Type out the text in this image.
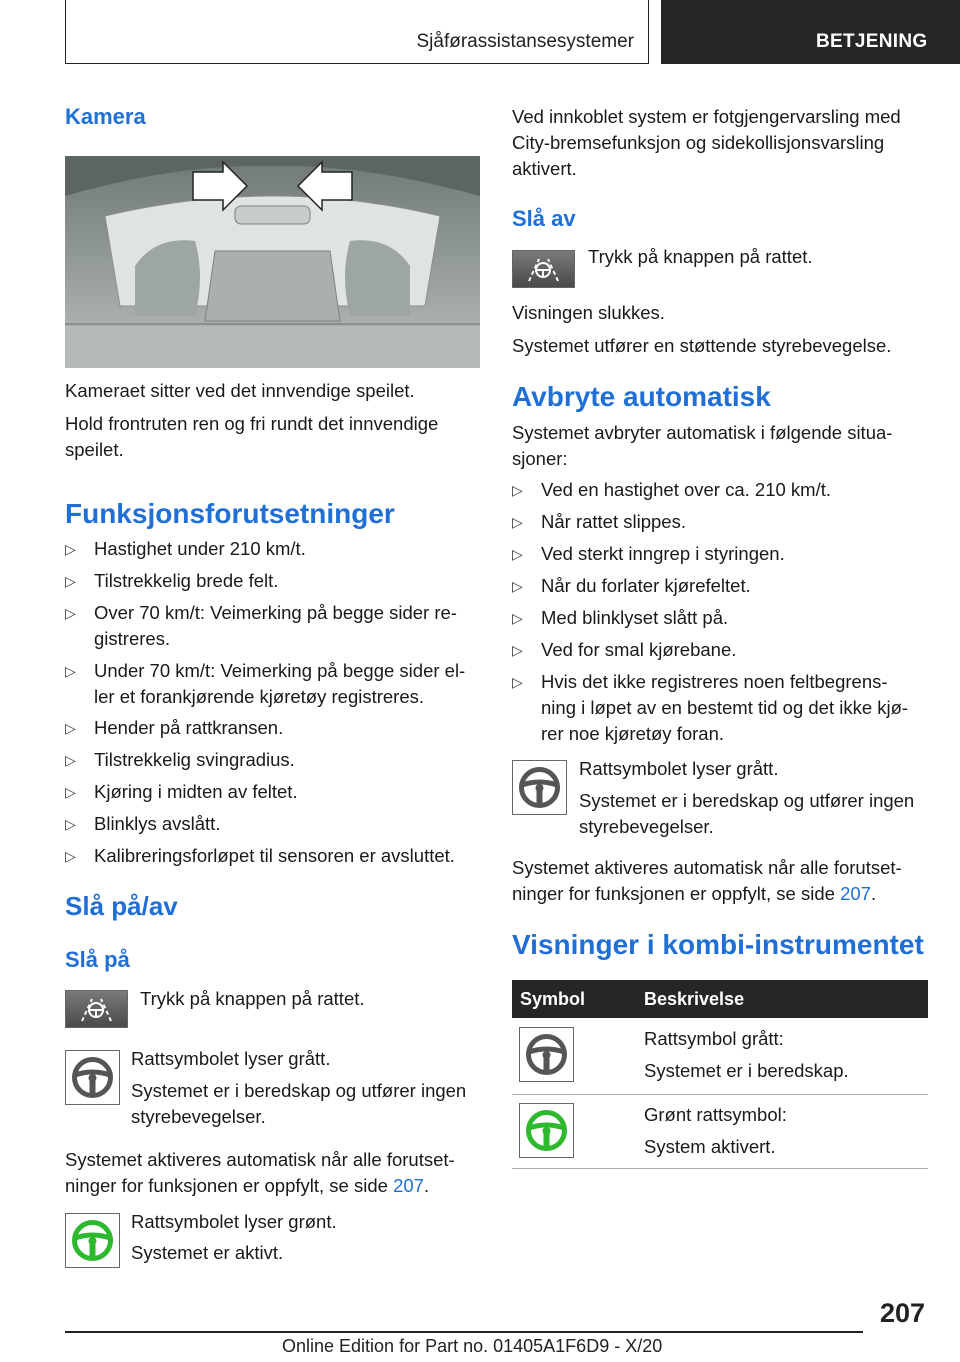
Sjåførassistansesystemer	BETJENING
Kamera
Kameraet sitter ved det innvendige speilet.
Hold frontruten ren og fri rundt det innvendige
speilet.
Funksjonsforutsetninger
▷ Hastighet under 210 km/t.
▷ Tilstrekkelig brede felt.
▷ Over 70 km/t: Veimerking på begge sider re-
gistreres.
▷ Under 70 km/t: Veimerking på begge sider el-
ler et forankjørende kjøretøy registreres.
▷ Hender på rattkransen.
▷ Tilstrekkelig svingradius.
▷ Kjøring i midten av feltet.
▷ Blinklys avslått.
▷ Kalibreringsforløpet til sensoren er avsluttet.
Slå på/av
Slå på
Trykk på knappen på rattet.
Rattsymbolet lyser grått.
Systemet er i beredskap og utfører ingen
styrebevegelser.
Systemet aktiveres automatisk når alle forutset-
ninger for funksjonen er oppfylt, se side 207.
Rattsymbolet lyser grønt.
Systemet er aktivt.
Ved innkoblet system er fotgjengervarsling med
City-bremsefunksjon og sidekollisjonsvarsling
aktivert.
Slå av
Trykk på knappen på rattet.
Visningen slukkes.
Systemet utfører en støttende styrebevegelse.
Avbryte automatisk
Systemet avbryter automatisk i følgende situa-
sjoner:
▷ Ved en hastighet over ca. 210 km/t.
▷ Når rattet slippes.
▷ Ved sterkt inngrep i styringen.
▷ Når du forlater kjørefeltet.
▷ Med blinklyset slått på.
▷ Ved for smal kjørebane.
▷ Hvis det ikke registreres noen feltbegrens-
ning i løpet av en bestemt tid og det ikke kjø-
rer noe kjøretøy foran.
Rattsymbolet lyser grått.
Systemet er i beredskap og utfører ingen
styrebevegelser.
Systemet aktiveres automatisk når alle forutset-
ninger for funksjonen er oppfylt, se side 207.
Visninger i kombi-instrumentet
Symbol	Beskrivelse
Rattsymbol grått:
Systemet er i beredskap.
Grønt rattsymbol:
System aktivert.
207
Online Edition for Part no. 01405A1F6D9 - X/20
